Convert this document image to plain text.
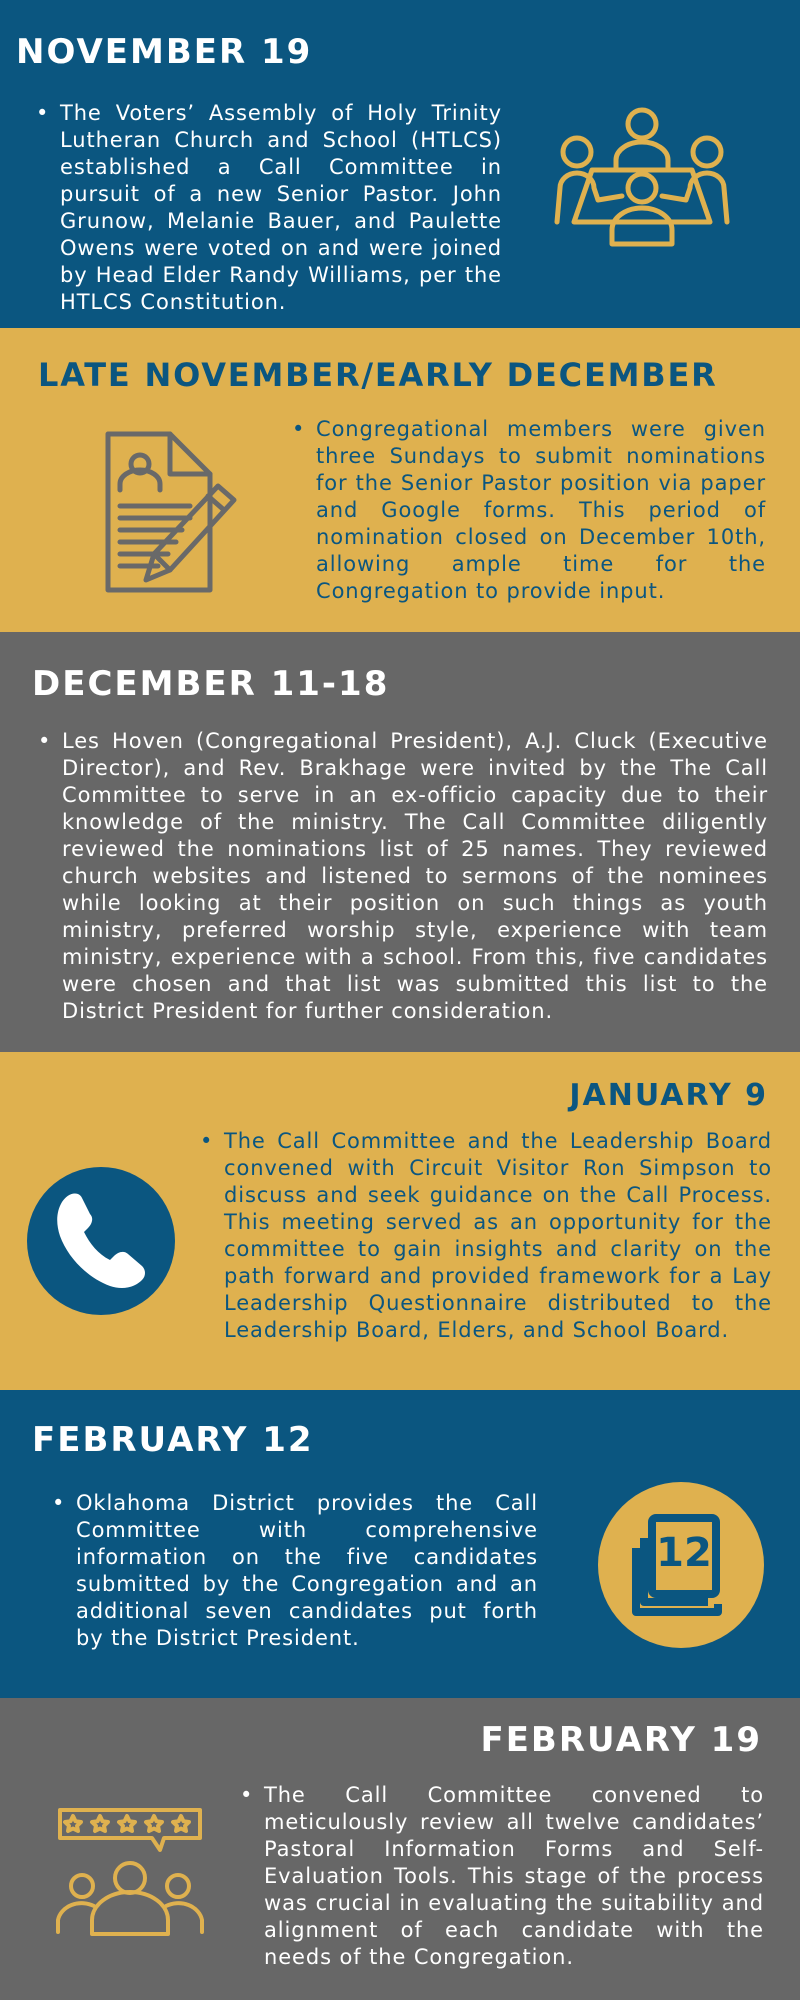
NOVEMBER 19
• The Voters’ Assembly of Holy Trinity Lutheran Church and School (HTLCS) established a Call Committee in pursuit of a new Senior Pastor. John Grunow, Melanie Bauer, and Paulette Owens were voted on and were joined by Head Elder Randy Williams, per the HTLCS Constitution.
LATE NOVEMBER/EARLY DECEMBER
• Congregational members were given three Sundays to submit nominations for the Senior Pastor position via paper and Google forms. This period of nomination closed on December 10th, allowing ample time for the Congregation to provide input.
DECEMBER 11-18
• Les Hoven (Congregational President), A.J. Cluck (Executive Director), and Rev. Brakhage were invited by the The Call Committee to serve in an ex-officio capacity due to their knowledge of the ministry. The Call Committee diligently reviewed the nominations list of 25 names. They reviewed church websites and listened to sermons of the nominees while looking at their position on such things as youth ministry, preferred worship style, experience with team ministry, experience with a school. From this, five candidates were chosen and that list was submitted this list to the District President for further consideration.
JANUARY 9
• The Call Committee and the Leadership Board convened with Circuit Visitor Ron Simpson to discuss and seek guidance on the Call Process. This meeting served as an opportunity for the committee to gain insights and clarity on the path forward and provided framework for a Lay Leadership Questionnaire distributed to the Leadership Board, Elders, and School Board.
FEBRUARY 12
• Oklahoma District provides the Call Committee with comprehensive information on the five candidates submitted by the Congregation and an additional seven candidates put forth by the District President.
12
FEBRUARY 19
• The Call Committee convened to meticulously review all twelve candidates’ Pastoral Information Forms and Self-Evaluation Tools. This stage of the process was crucial in evaluating the suitability and alignment of each candidate with the needs of the Congregation.
